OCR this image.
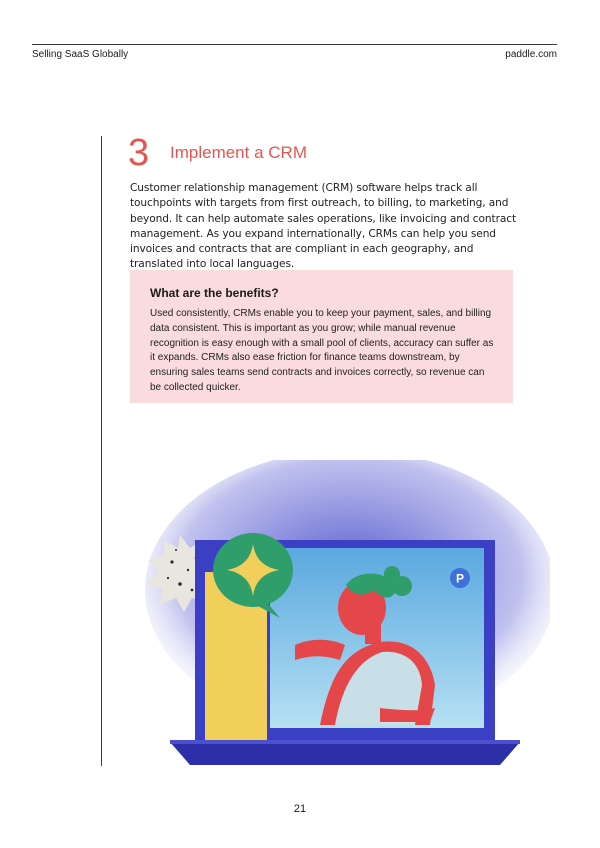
Selling SaaS Globally	paddle.com
3 Implement a CRM

Customer relationship management (CRM) software helps track all touchpoints with targets from first outreach, to billing, to marketing, and beyond. It can help automate sales operations, like invoicing and contract management. As you expand internationally, CRMs can help you send invoices and contracts that are compliant in each geography, and translated into local languages.

What are the benefits?

Used consistently, CRMs enable you to keep your payment, sales, and billing data consistent. This is important as you grow; while manual revenue recognition is easy enough with a small pool of clients, accuracy can suffer as it expands. CRMs also ease friction for finance teams downstream, by ensuring sales teams send contracts and invoices correctly, so revenue can be collected quicker.

P
21
